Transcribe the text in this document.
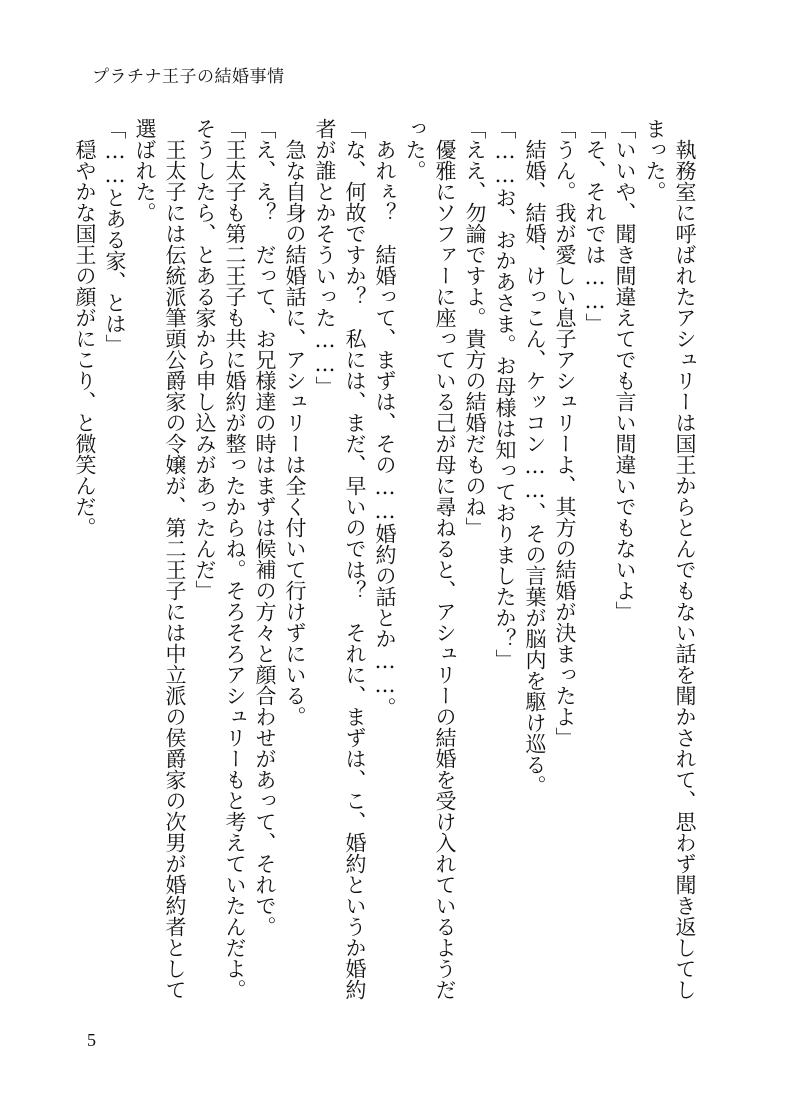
プラチナ王子の結婚事情

　執務室に呼ばれたアシュリーは国王からとんでもない話を聞かされて、思わず聞き返してしまった。

「いいや、聞き間違えてでも言い間違いでもないよ」

「そ、それでは……」

「うん。我が愛しい息子アシュリーよ、其方の結婚が決まったよ」

　結婚、結婚、けっこん、ケッコン……、その言葉が脳内を駆け巡る。

「……お、おかあさま。お母様は知っておりましたか？」

「ええ、勿論ですよ。貴方の結婚だものね」

　優雅にソファーに座っている己が母に尋ねると、アシュリーの結婚を受け入れているようだった。

　あれぇ？　結婚って、まずは、その……婚約の話とか……。

「な、何故ですか？　私には、まだ、早いのでは？　それに、まずは、こ、婚約というか婚約者が誰とかそういった……」

　急な自身の結婚話に、アシュリーは全く付いて行けずにいる。

「え、え？　だって、お兄様達の時はまずは候補の方々と顔合わせがあって、それで。

「王太子も第二王子も共に婚約が整ったからね。そろそろアシュリーもと考えていたんだよ。そうしたら、とある家から申し込みがあったんだ」

　王太子には伝統派筆頭公爵家の令嬢が、第二王子には中立派の侯爵家の次男が婚約者として選ばれた。

「……とある家、とは」

　穏やかな国王の顔がにこり、と微笑んだ。

5
